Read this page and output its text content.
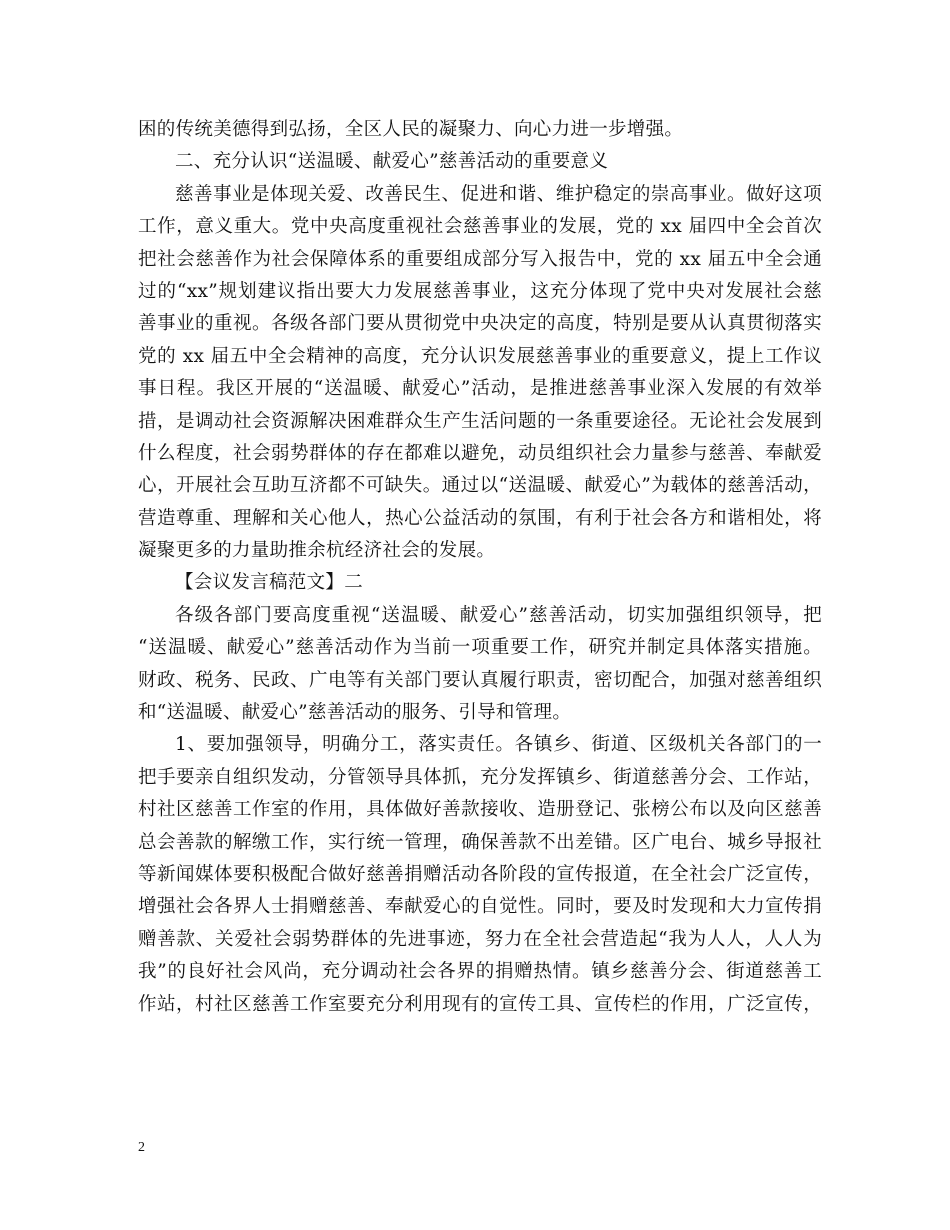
困的传统美德得到弘扬，全区人民的凝聚力、向心力进一步增强。
二、充分认识“送温暖、献爱心”慈善活动的重要意义
慈善事业是体现关爱、改善民生、促进和谐、维护稳定的崇高事业。做好这项
工作，意义重大。党中央高度重视社会慈善事业的发展，党的 xx 届四中全会首次
把社会慈善作为社会保障体系的重要组成部分写入报告中，党的 xx 届五中全会通
过的“xx”规划建议指出要大力发展慈善事业，这充分体现了党中央对发展社会慈
善事业的重视。各级各部门要从贯彻党中央决定的高度，特别是要从认真贯彻落实
党的 xx 届五中全会精神的高度，充分认识发展慈善事业的重要意义，提上工作议
事日程。我区开展的“送温暖、献爱心”活动，是推进慈善事业深入发展的有效举
措，是调动社会资源解决困难群众生产生活问题的一条重要途径。无论社会发展到
什么程度，社会弱势群体的存在都难以避免，动员组织社会力量参与慈善、奉献爱
心，开展社会互助互济都不可缺失。通过以“送温暖、献爱心”为载体的慈善活动，
营造尊重、理解和关心他人，热心公益活动的氛围，有利于社会各方和谐相处，将
凝聚更多的力量助推余杭经济社会的发展。
【会议发言稿范文】二
各级各部门要高度重视“送温暖、献爱心”慈善活动，切实加强组织领导，把
“送温暖、献爱心”慈善活动作为当前一项重要工作，研究并制定具体落实措施。
财政、税务、民政、广电等有关部门要认真履行职责，密切配合，加强对慈善组织
和“送温暖、献爱心”慈善活动的服务、引导和管理。
1、要加强领导，明确分工，落实责任。各镇乡、街道、区级机关各部门的一
把手要亲自组织发动，分管领导具体抓，充分发挥镇乡、街道慈善分会、工作站，
村社区慈善工作室的作用，具体做好善款接收、造册登记、张榜公布以及向区慈善
总会善款的解缴工作，实行统一管理，确保善款不出差错。区广电台、城乡导报社
等新闻媒体要积极配合做好慈善捐赠活动各阶段的宣传报道，在全社会广泛宣传，
增强社会各界人士捐赠慈善、奉献爱心的自觉性。同时，要及时发现和大力宣传捐
赠善款、关爱社会弱势群体的先进事迹，努力在全社会营造起“我为人人，人人为
我”的良好社会风尚，充分调动社会各界的捐赠热情。镇乡慈善分会、街道慈善工
作站，村社区慈善工作室要充分利用现有的宣传工具、宣传栏的作用，广泛宣传，
2
